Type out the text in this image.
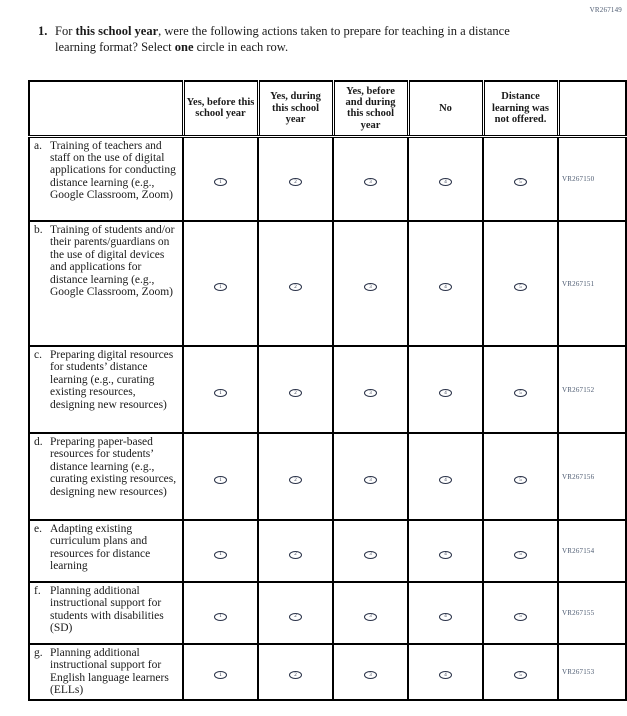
VR267149
1. For this school year, were the following actions taken to prepare for teaching in a distance learning format? Select one circle in each row.
	Yes, before this school year	Yes, during this school year	Yes, before and during this school year	No	Distance learning was not offered.	

a. Training of teachers and staff on the use of digital applications for conducting distance learning (e.g., Google Classroom, Zoom)	1	2	3	4	5	VR267150

b. Training of students and/or their parents/guardians on the use of digital devices and applications for distance learning (e.g., Google Classroom, Zoom)	1	2	3	4	5	VR267151

c. Preparing digital resources for students’ distance learning (e.g., curating existing resources, designing new resources)	1	2	3	4	5	VR267152

d. Preparing paper-based resources for students’ distance learning (e.g., curating existing resources, designing new resources)	1	2	3	4	5	VR267156

e. Adapting existing curriculum plans and resources for distance learning	1	2	3	4	5	VR267154

f. Planning additional instructional support for students with disabilities (SD)	1	2	3	4	5	VR267155

g. Planning additional instructional support for English language learners (ELLs)	1	2	3	4	5	VR267153
